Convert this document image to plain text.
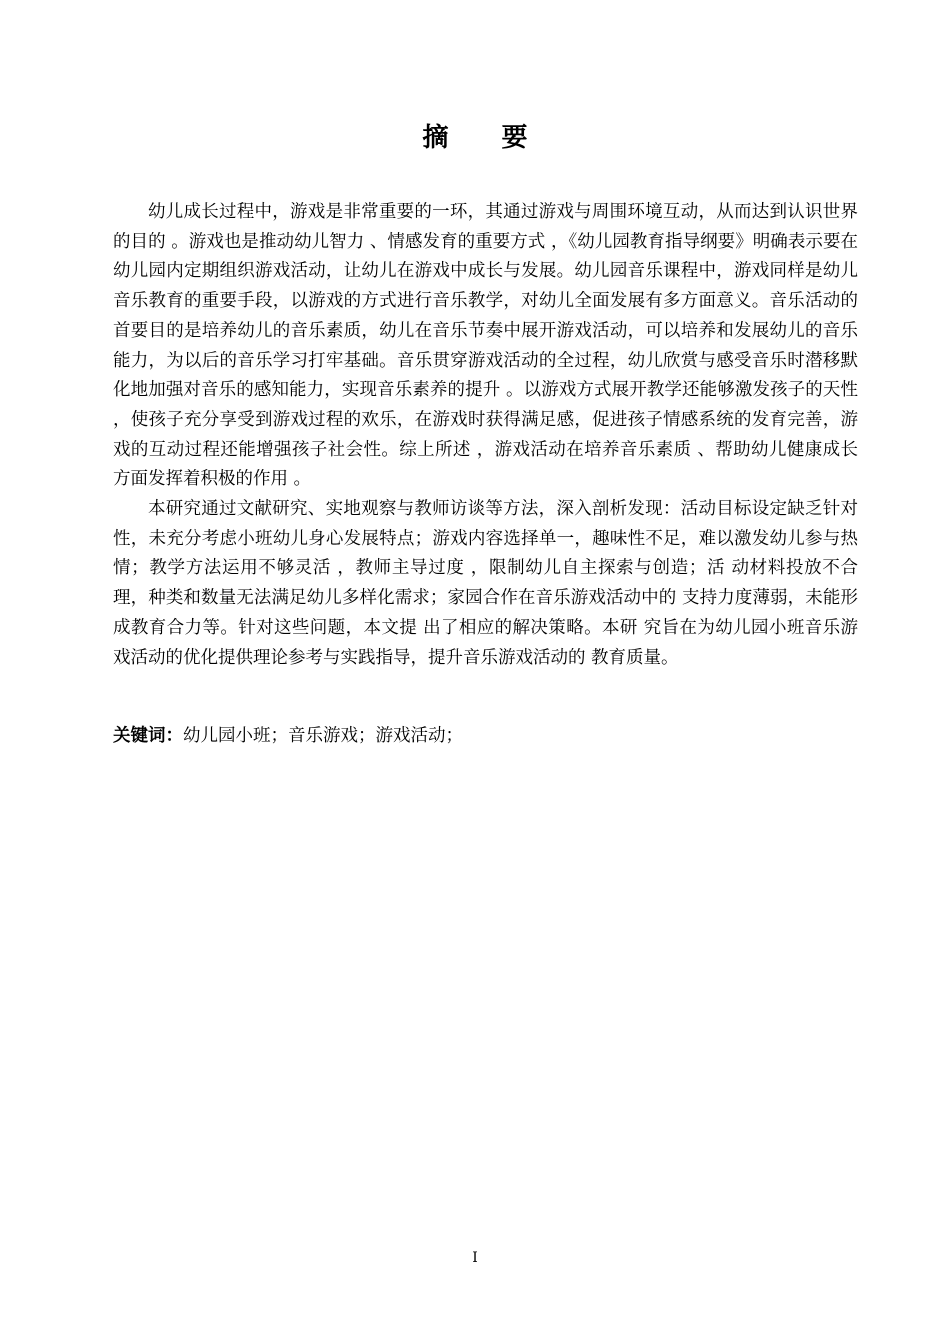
摘 要

幼儿成长过程中，游戏是非常重要的一环，其通过游戏与周围环境互动，从而达到认识世界的目的 。游戏也是推动幼儿智力 、情感发育的重要方式 ，《幼儿园教育指导纲要》明确表示要在幼儿园内定期组织游戏活动，让幼儿在游戏中成长与发展。幼儿园音乐课程中，游戏同样是幼儿音乐教育的重要手段，以游戏的方式进行音乐教学，对幼儿全面发展有多方面意义。音乐活动的首要目的是培养幼儿的音乐素质，幼儿在音乐节奏中展开游戏活动，可以培养和发展幼儿的音乐能力，为以后的音乐学习打牢基础。音乐贯穿游戏活动的全过程，幼儿欣赏与感受音乐时潜移默化地加强对音乐的感知能力，实现音乐素养的提升 。以游戏方式展开教学还能够激发孩子的天性 ，使孩子充分享受到游戏过程的欢乐，在游戏时获得满足感，促进孩子情感系统的发育完善，游戏的互动过程还能增强孩子社会性。综上所述 ，游戏活动在培养音乐素质 、帮助幼儿健康成长方面发挥着积极的作用 。

本研究通过文献研究、实地观察与教师访谈等方法，深入剖析发现：活动目标设定缺乏针对性，未充分考虑小班幼儿身心发展特点；游戏内容选择单一，趣味性不足，难以激发幼儿参与热情；教学方法运用不够灵活 ，教师主导过度 ，限制幼儿自主探索与创造；活 动材料投放不合理，种类和数量无法满足幼儿多样化需求；家园合作在音乐游戏活动中的 支持力度薄弱，未能形成教育合力等。针对这些问题，本文提 出了相应的解决策略。本研 究旨在为幼儿园小班音乐游戏活动的优化提供理论参考与实践指导，提升音乐游戏活动的 教育质量。

关键词：幼儿园小班；音乐游戏；游戏活动；
I
